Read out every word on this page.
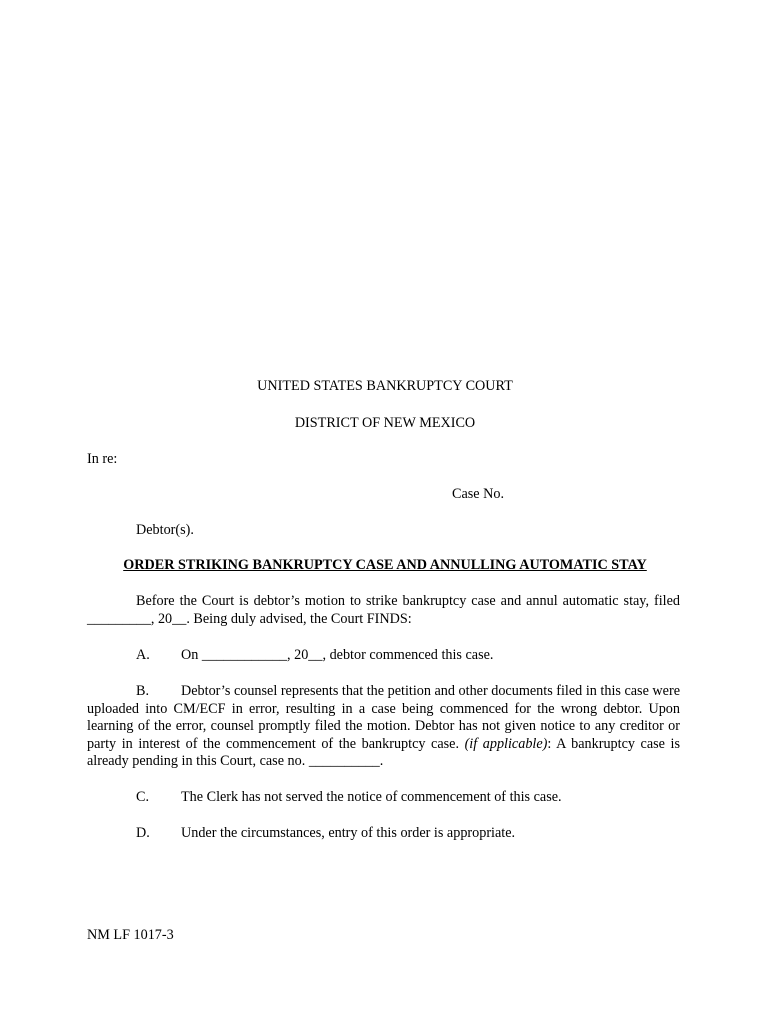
UNITED STATES BANKRUPTCY COURT
DISTRICT OF NEW MEXICO
In re:
Case No.
Debtor(s).
ORDER STRIKING BANKRUPTCY CASE AND ANNULLING AUTOMATIC STAY
Before the Court is debtor’s motion to strike bankruptcy case and annul automatic stay, filed _________, 20__. Being duly advised, the Court FINDS:
A. On ____________, 20__, debtor commenced this case.
B. Debtor’s counsel represents that the petition and other documents filed in this case were uploaded into CM/ECF in error, resulting in a case being commenced for the wrong debtor. Upon learning of the error, counsel promptly filed the motion. Debtor has not given notice to any creditor or party in interest of the commencement of the bankruptcy case. (if applicable): A bankruptcy case is already pending in this Court, case no. __________.
C. The Clerk has not served the notice of commencement of this case.
D. Under the circumstances, entry of this order is appropriate.
NM LF 1017-3
